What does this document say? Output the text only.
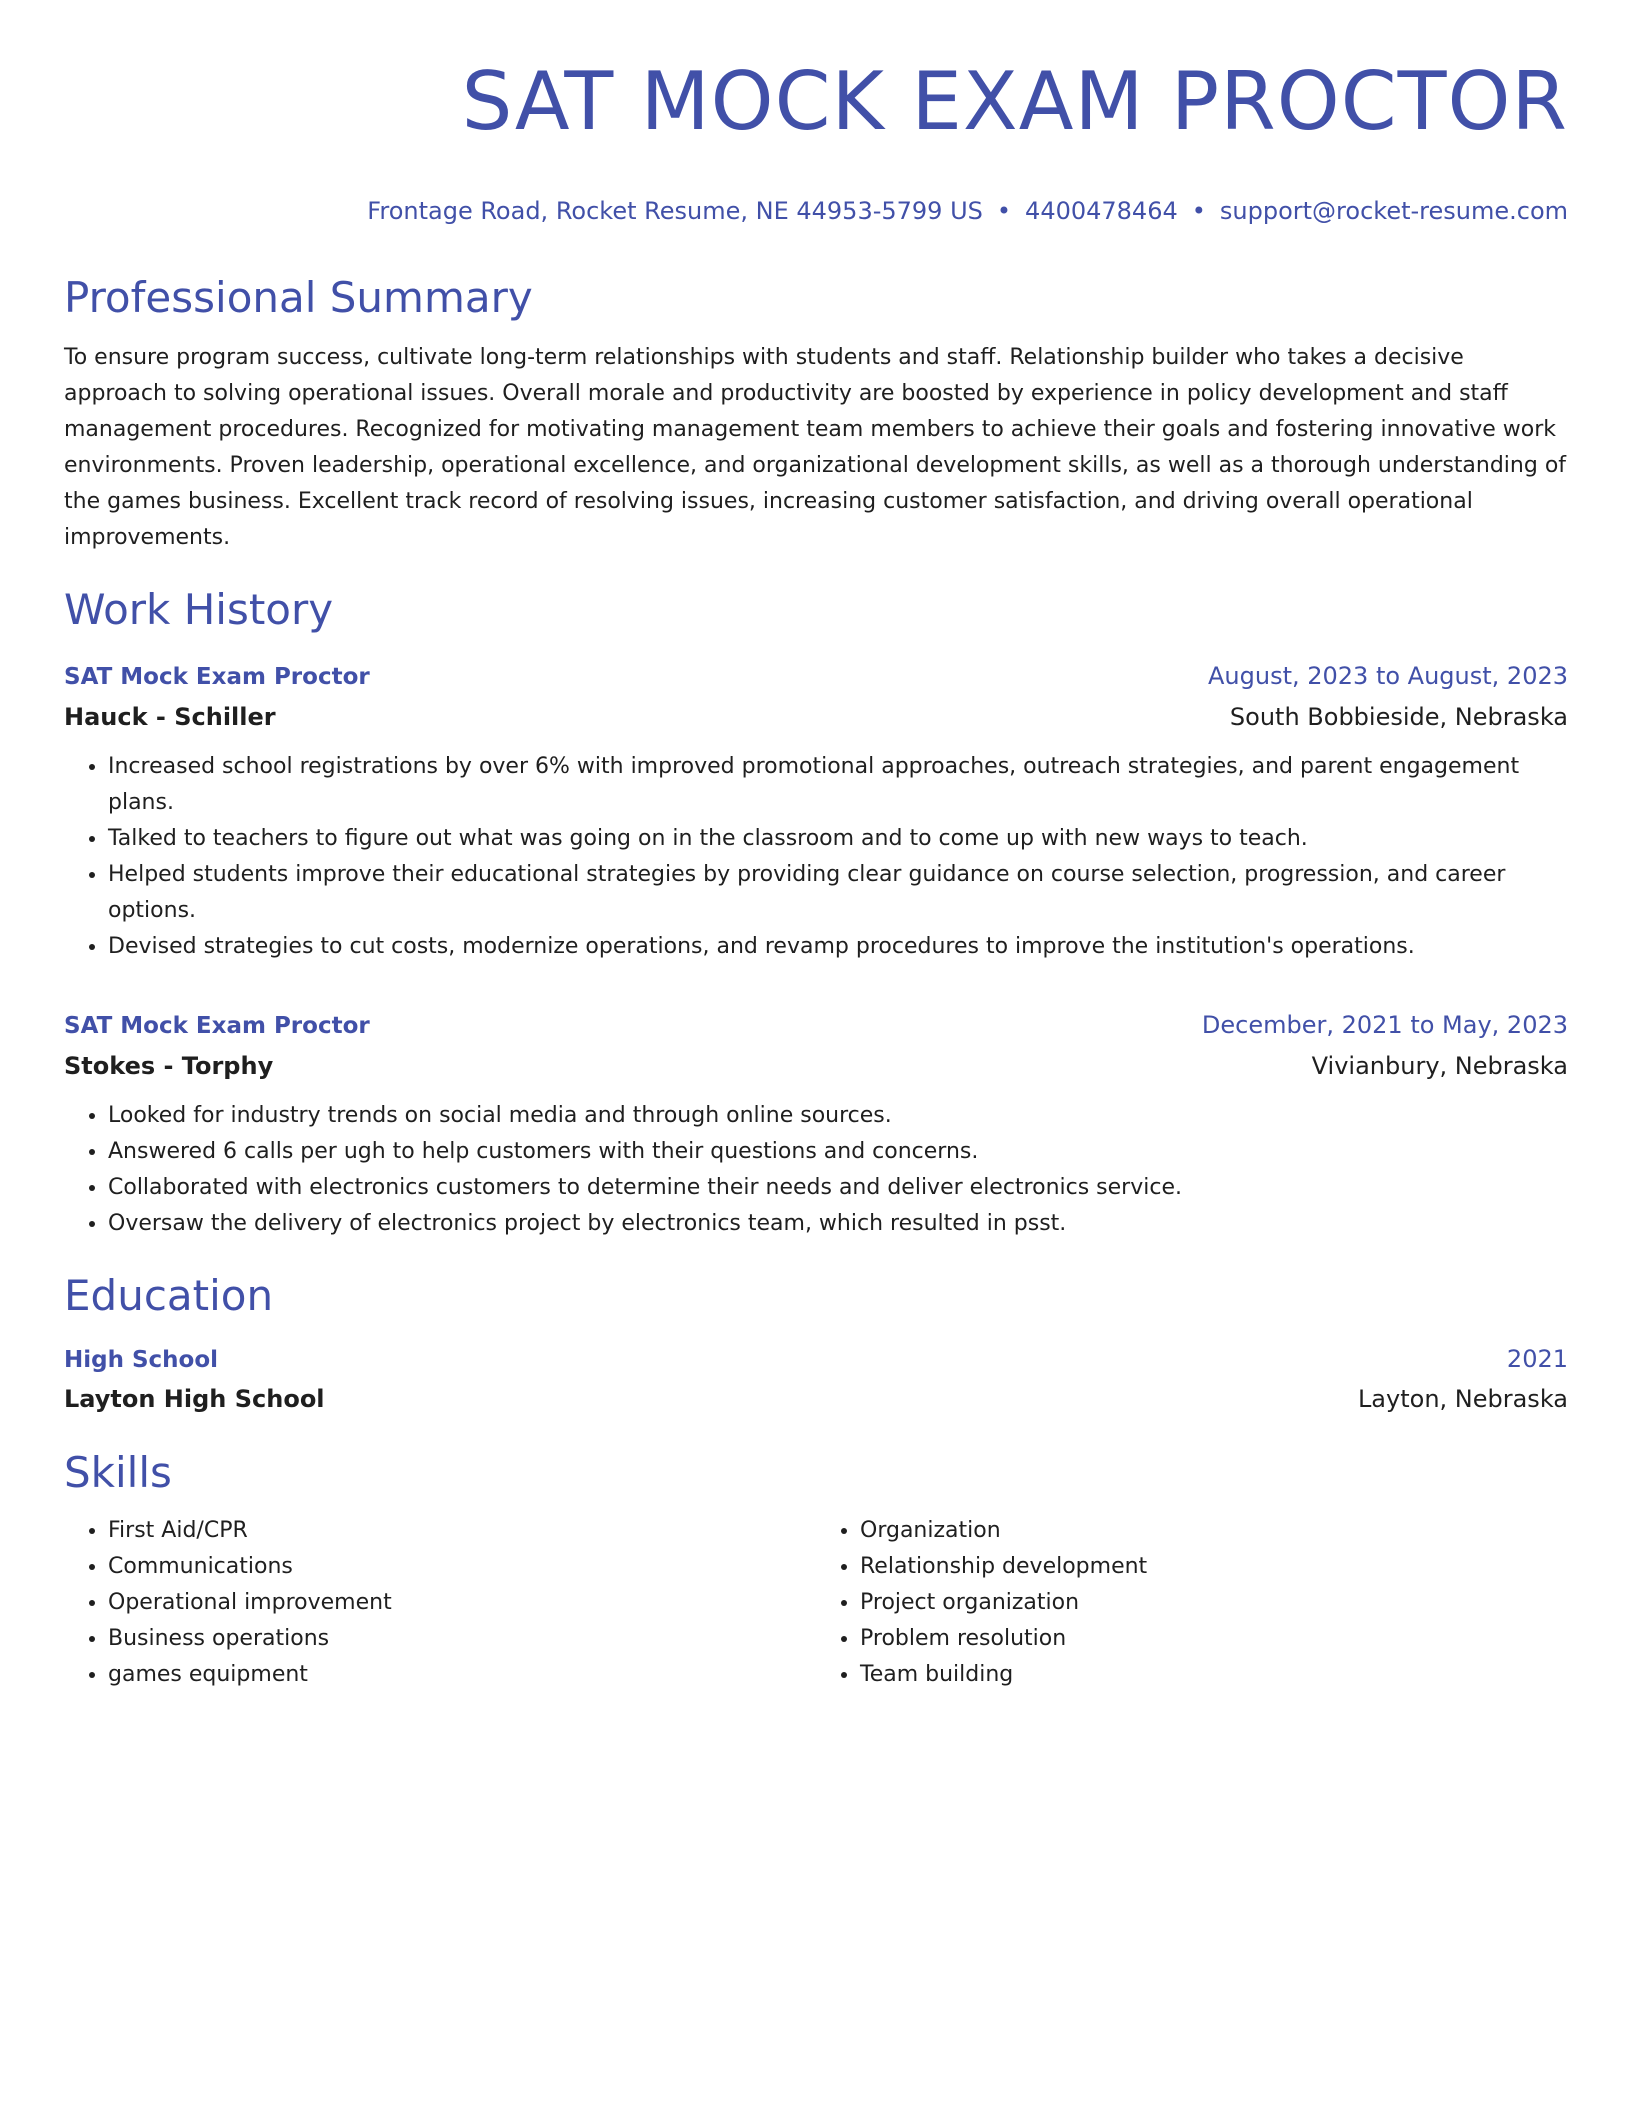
SAT MOCK EXAM PROCTOR
Frontage Road, Rocket Resume, NE 44953-5799 US • 4400478464 • support@rocket-resume.com
Professional Summary
To ensure program success, cultivate long-term relationships with students and staff. Relationship builder who takes a decisive approach to solving operational issues. Overall morale and productivity are boosted by experience in policy development and staff management procedures. Recognized for motivating management team members to achieve their goals and fostering innovative work environments. Proven leadership, operational excellence, and organizational development skills, as well as a thorough understanding of the games business. Excellent track record of resolving issues, increasing customer satisfaction, and driving overall operational improvements.
Work History
SAT Mock Exam Proctor	August, 2023 to August, 2023
Hauck - Schiller	South Bobbieside, Nebraska
• Increased school registrations by over 6% with improved promotional approaches, outreach strategies, and parent engagement plans.
• Talked to teachers to figure out what was going on in the classroom and to come up with new ways to teach.
• Helped students improve their educational strategies by providing clear guidance on course selection, progression, and career options.
• Devised strategies to cut costs, modernize operations, and revamp procedures to improve the institution's operations.
SAT Mock Exam Proctor	December, 2021 to May, 2023
Stokes - Torphy	Vivianbury, Nebraska
• Looked for industry trends on social media and through online sources.
• Answered 6 calls per ugh to help customers with their questions and concerns.
• Collaborated with electronics customers to determine their needs and deliver electronics service.
• Oversaw the delivery of electronics project by electronics team, which resulted in psst.
Education
High School	2021
Layton High School	Layton, Nebraska
Skills
• First Aid/CPR
• Communications
• Operational improvement
• Business operations
• games equipment
• Organization
• Relationship development
• Project organization
• Problem resolution
• Team building
